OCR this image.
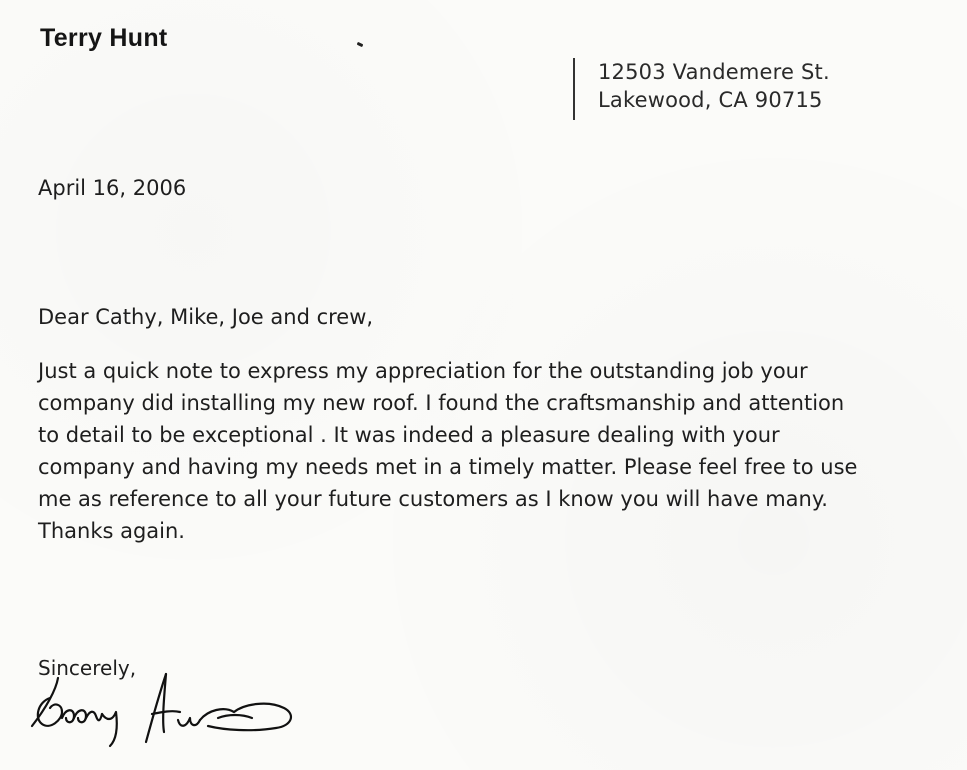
Terry Hunt
12503 Vandemere St.
Lakewood, CA 90715
April 16, 2006
Dear Cathy, Mike, Joe and crew,
Just a quick note to express my appreciation for the outstanding job your
company did installing my new roof. I found the craftsmanship and attention
to detail to be exceptional . It was indeed a pleasure dealing with your
company and having my needs met in a timely matter. Please feel free to use
me as reference to all your future customers as I know you will have many.
Thanks again.
Sincerely,
